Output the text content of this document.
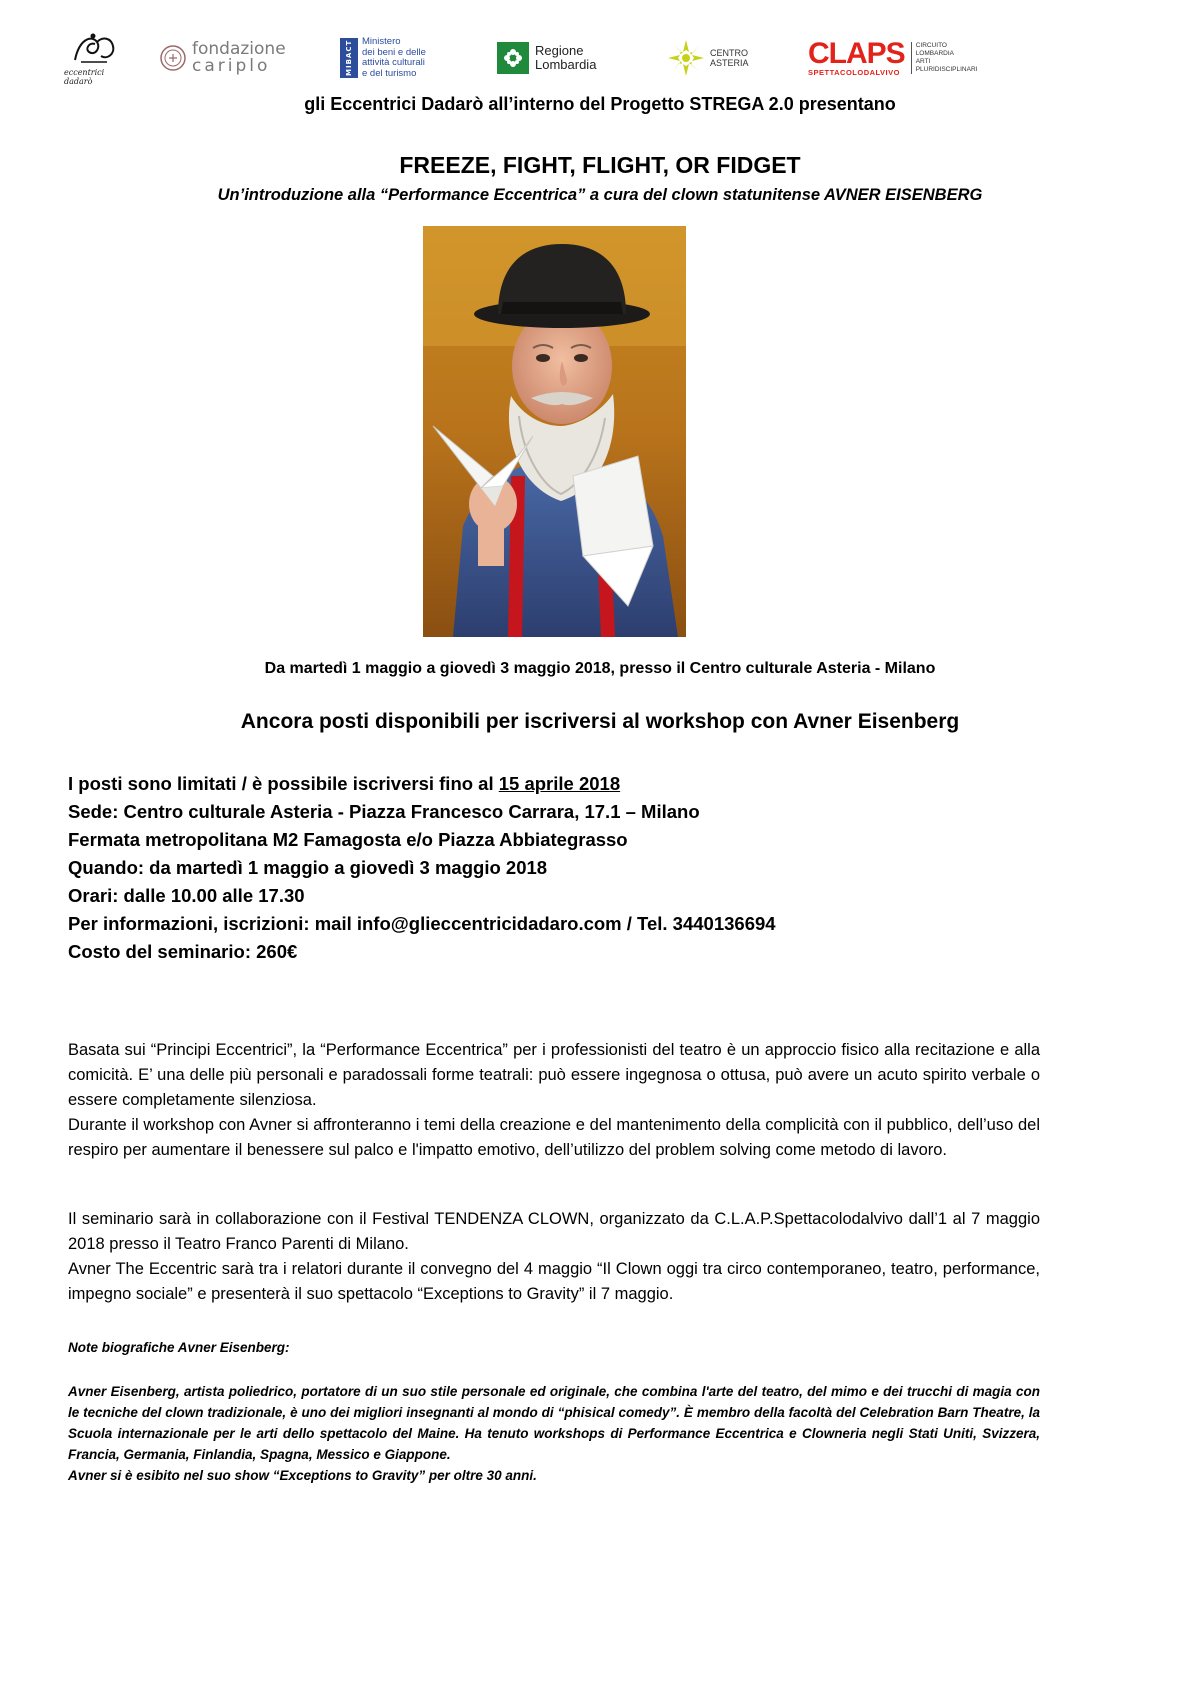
eccentrici dadarò
fondazione
cariplo	MIBACT Ministero
dei beni e delle
attività culturali
e del turismo
Regione
Lombardia
CENTRO
ASTERIA CLAPS
SPETTACOLODALVIVO
CIRCUITO
LOMBARDIA
ARTI
PLURIDISCIPLINARI
gli Eccentrici Dadarò all’interno del Progetto STREGA 2.0 presentano
FREEZE, FIGHT, FLIGHT, OR FIDGET
Un’introduzione alla “Performance Eccentrica” a cura del clown statunitense AVNER EISENBERG
Da martedì 1 maggio a giovedì 3 maggio 2018, presso il Centro culturale Asteria - Milano
Ancora posti disponibili per iscriversi al workshop con Avner Eisenberg
I posti sono limitati / è possibile iscriversi fino al 15 aprile 2018
Sede: Centro culturale Asteria - Piazza Francesco Carrara, 17.1 – Milano
Fermata metropolitana M2 Famagosta e/o Piazza Abbiategrasso
Quando: da martedì 1 maggio a giovedì 3 maggio 2018
Orari: dalle 10.00 alle 17.30
Per informazioni, iscrizioni: mail info@glieccentricidadaro.com / Tel. 3440136694
Costo del seminario: 260€

Basata sui “Principi Eccentrici”, la “Performance Eccentrica” per i professionisti del teatro è un approccio fisico alla recitazione e alla comicità. E’ una delle più personali e paradossali forme teatrali: può essere ingegnosa o ottusa, può avere un acuto spirito verbale o essere completamente silenziosa.

Durante il workshop con Avner si affronteranno i temi della creazione e del mantenimento della complicità con il pubblico, dell’uso del respiro per aumentare il benessere sul palco e l'impatto emotivo, dell’utilizzo del problem solving come metodo di lavoro.

Il seminario sarà in collaborazione con il Festival TENDENZA CLOWN, organizzato da C.L.A.P.Spettacolodalvivo dall’1 al 7 maggio 2018 presso il Teatro Franco Parenti di Milano.

Avner The Eccentric sarà tra i relatori durante il convegno del 4 maggio “Il Clown oggi tra circo contemporaneo, teatro, performance, impegno sociale” e presenterà il suo spettacolo “Exceptions to Gravity” il 7 maggio.

Note biografiche Avner Eisenberg:

Avner Eisenberg, artista poliedrico, portatore di un suo stile personale ed originale, che combina l'arte del teatro, del mimo e dei trucchi di magia con le tecniche del clown tradizionale, è uno dei migliori insegnanti al mondo di “phisical comedy”. È membro della facoltà del Celebration Barn Theatre, la Scuola internazionale per le arti dello spettacolo del Maine. Ha tenuto workshops di Performance Eccentrica e Clowneria negli Stati Uniti, Svizzera, Francia, Germania, Finlandia, Spagna, Messico e Giappone.

Avner si è esibito nel suo show “Exceptions to Gravity” per oltre 30 anni.
